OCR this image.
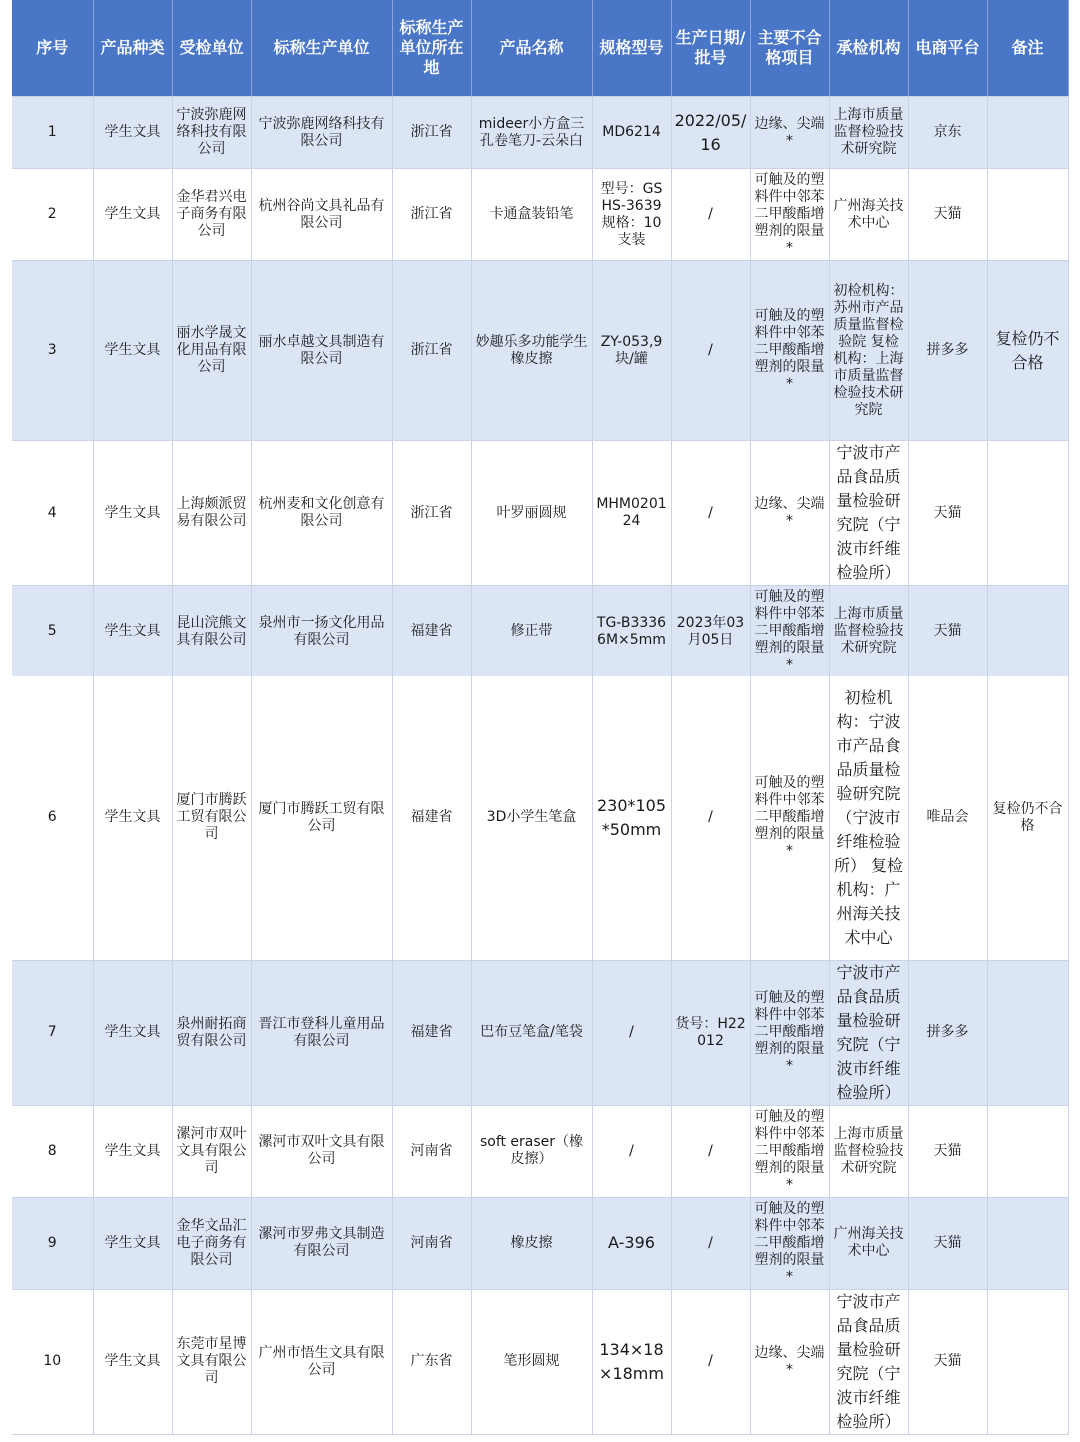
序号	产品种类	受检单位	标称生产单位	标称生产单位所在地	产品名称	规格型号	生产日期/批号	主要不合格项目	承检机构	电商平台	备注
1	学生文具	宁波弥鹿网络科技有限公司	宁波弥鹿网络科技有限公司	浙江省	mideer小方盒三孔卷笔刀-云朵白	MD6214	2022/05/16	边缘、尖端*	上海市质量监督检验技术研究院	京东	
2	学生文具	金华君兴电子商务有限公司	杭州谷尚文具礼品有限公司	浙江省	卡通盒装铅笔	型号：GSHS-3639 规格：10支装	/	可触及的塑料件中邻苯二甲酸酯增塑剂的限量*	广州海关技术中心	天猫	
3	学生文具	丽水学晟文化用品有限公司	丽水卓越文具制造有限公司	浙江省	妙趣乐多功能学生橡皮擦	ZY-053,9块/罐	/	可触及的塑料件中邻苯二甲酸酯增塑剂的限量*	初检机构：苏州市产品质量监督检验院 复检机构：上海市质量监督检验技术研究院	拼多多	复检仍不合格
4	学生文具	上海颇派贸易有限公司	杭州麦和文化创意有限公司	浙江省	叶罗丽圆规	MHM020124	/	边缘、尖端*	宁波市产品食品质量检验研究院（宁波市纤维检验所）	天猫	
5	学生文具	昆山浣熊文具有限公司	泉州市一扬文化用品有限公司	福建省	修正带	TG-B3336 6M×5mm	2023年03月05日	可触及的塑料件中邻苯二甲酸酯增塑剂的限量*	上海市质量监督检验技术研究院	天猫	
6	学生文具	厦门市腾跃工贸有限公司	厦门市腾跃工贸有限公司	福建省	3D小学生笔盒	230*105*50mm	/	可触及的塑料件中邻苯二甲酸酯增塑剂的限量*	初检机构：宁波市产品食品质量检验研究院（宁波市纤维检验所） 复检机构：广州海关技术中心	唯品会	复检仍不合格
7	学生文具	泉州耐拓商贸有限公司	晋江市登科儿童用品有限公司	福建省	巴布豆笔盒/笔袋	/	货号：H22012	可触及的塑料件中邻苯二甲酸酯增塑剂的限量*	宁波市产品食品质量检验研究院（宁波市纤维检验所）	拼多多	
8	学生文具	漯河市双叶文具有限公司	漯河市双叶文具有限公司	河南省	soft eraser（橡皮擦）	/	/	可触及的塑料件中邻苯二甲酸酯增塑剂的限量*	上海市质量监督检验技术研究院	天猫	
9	学生文具	金华文品汇电子商务有限公司	漯河市罗弗文具制造有限公司	河南省	橡皮擦	A-396	/	可触及的塑料件中邻苯二甲酸酯增塑剂的限量*	广州海关技术中心	天猫	
10	学生文具	东莞市星博文具有限公司	广州市悟生文具有限公司	广东省	笔形圆规	134×18×18mm	/	边缘、尖端*	宁波市产品食品质量检验研究院（宁波市纤维检验所）	天猫	
